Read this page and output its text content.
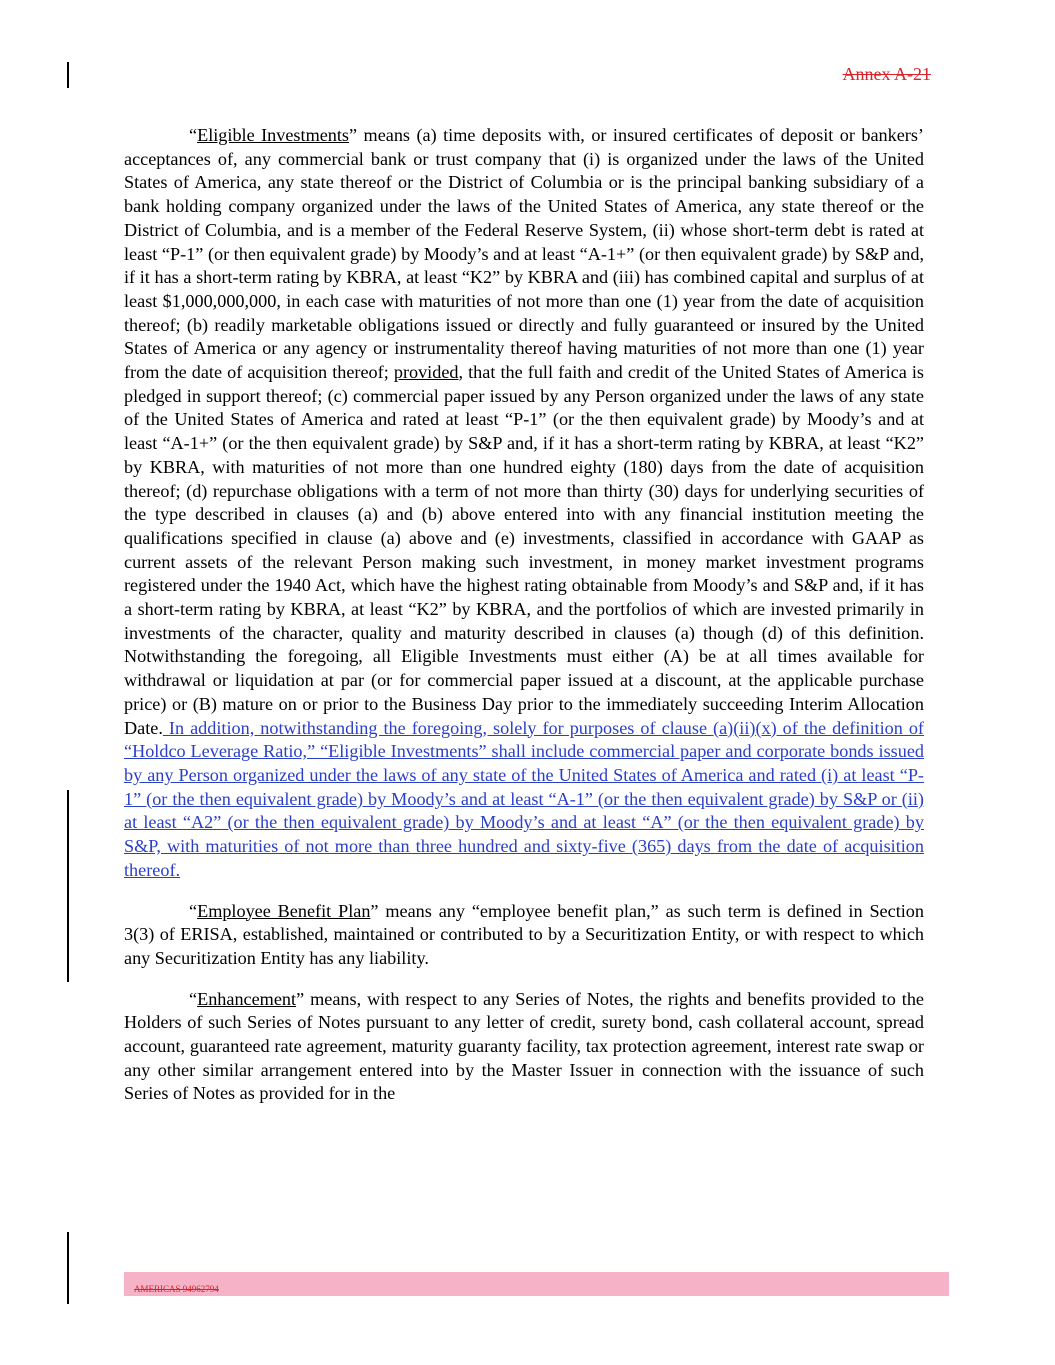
Annex A-21

“Eligible Investments” means (a) time deposits with, or insured certificates of deposit or bankers’ acceptances of, any commercial bank or trust company that (i) is organized under the laws of the United States of America, any state thereof or the District of Columbia or is the principal banking subsidiary of a bank holding company organized under the laws of the United States of America, any state thereof or the District of Columbia, and is a member of the Federal Reserve System, (ii) whose short-term debt is rated at least “P-1” (or then equivalent grade) by Moody’s and at least “A-1+” (or then equivalent grade) by S&P and, if it has a short-term rating by KBRA, at least “K2” by KBRA and (iii) has combined capital and surplus of at least $1,000,000,000, in each case with maturities of not more than one (1) year from the date of acquisition thereof; (b) readily marketable obligations issued or directly and fully guaranteed or insured by the United States of America or any agency or instrumentality thereof having maturities of not more than one (1) year from the date of acquisition thereof; provided, that the full faith and credit of the United States of America is pledged in support thereof; (c) commercial paper issued by any Person organized under the laws of any state of the United States of America and rated at least “P-1” (or the then equivalent grade) by Moody’s and at least “A-1+” (or the then equivalent grade) by S&P and, if it has a short-term rating by KBRA, at least “K2” by KBRA, with maturities of not more than one hundred eighty (180) days from the date of acquisition thereof; (d) repurchase obligations with a term of not more than thirty (30) days for underlying securities of the type described in clauses (a) and (b) above entered into with any financial institution meeting the qualifications specified in clause (a) above and (e) investments, classified in accordance with GAAP as current assets of the relevant Person making such investment, in money market investment programs registered under the 1940 Act, which have the highest rating obtainable from Moody’s and S&P and, if it has a short-term rating by KBRA, at least “K2” by KBRA, and the portfolios of which are invested primarily in investments of the character, quality and maturity described in clauses (a) though (d) of this definition. Notwithstanding the foregoing, all Eligible Investments must either (A) be at all times available for withdrawal or liquidation at par (or for commercial paper issued at a discount, at the applicable purchase price) or (B) mature on or prior to the Business Day prior to the immediately succeeding Interim Allocation Date. In addition, notwithstanding the foregoing, solely for purposes of clause (a)(ii)(x) of the definition of “Holdco Leverage Ratio,” “Eligible Investments” shall include commercial paper and corporate bonds issued by any Person organized under the laws of any state of the United States of America and rated (i) at least “P-1” (or the then equivalent grade) by Moody’s and at least “A-1” (or the then equivalent grade) by S&P or (ii) at least “A2” (or the then equivalent grade) by Moody’s and at least “A” (or the then equivalent grade) by S&P, with maturities of not more than three hundred and sixty-five (365) days from the date of acquisition thereof.

“Employee Benefit Plan” means any “employee benefit plan,” as such term is defined in Section 3(3) of ERISA, established, maintained or contributed to by a Securitization Entity, or with respect to which any Securitization Entity has any liability.

“Enhancement” means, with respect to any Series of Notes, the rights and benefits provided to the Holders of such Series of Notes pursuant to any letter of credit, surety bond, cash collateral account, spread account, guaranteed rate agreement, maturity guaranty facility, tax protection agreement, interest rate swap or any other similar arrangement entered into by the Master Issuer in connection with the issuance of such Series of Notes as provided for in the

AMERICAS 94962794
